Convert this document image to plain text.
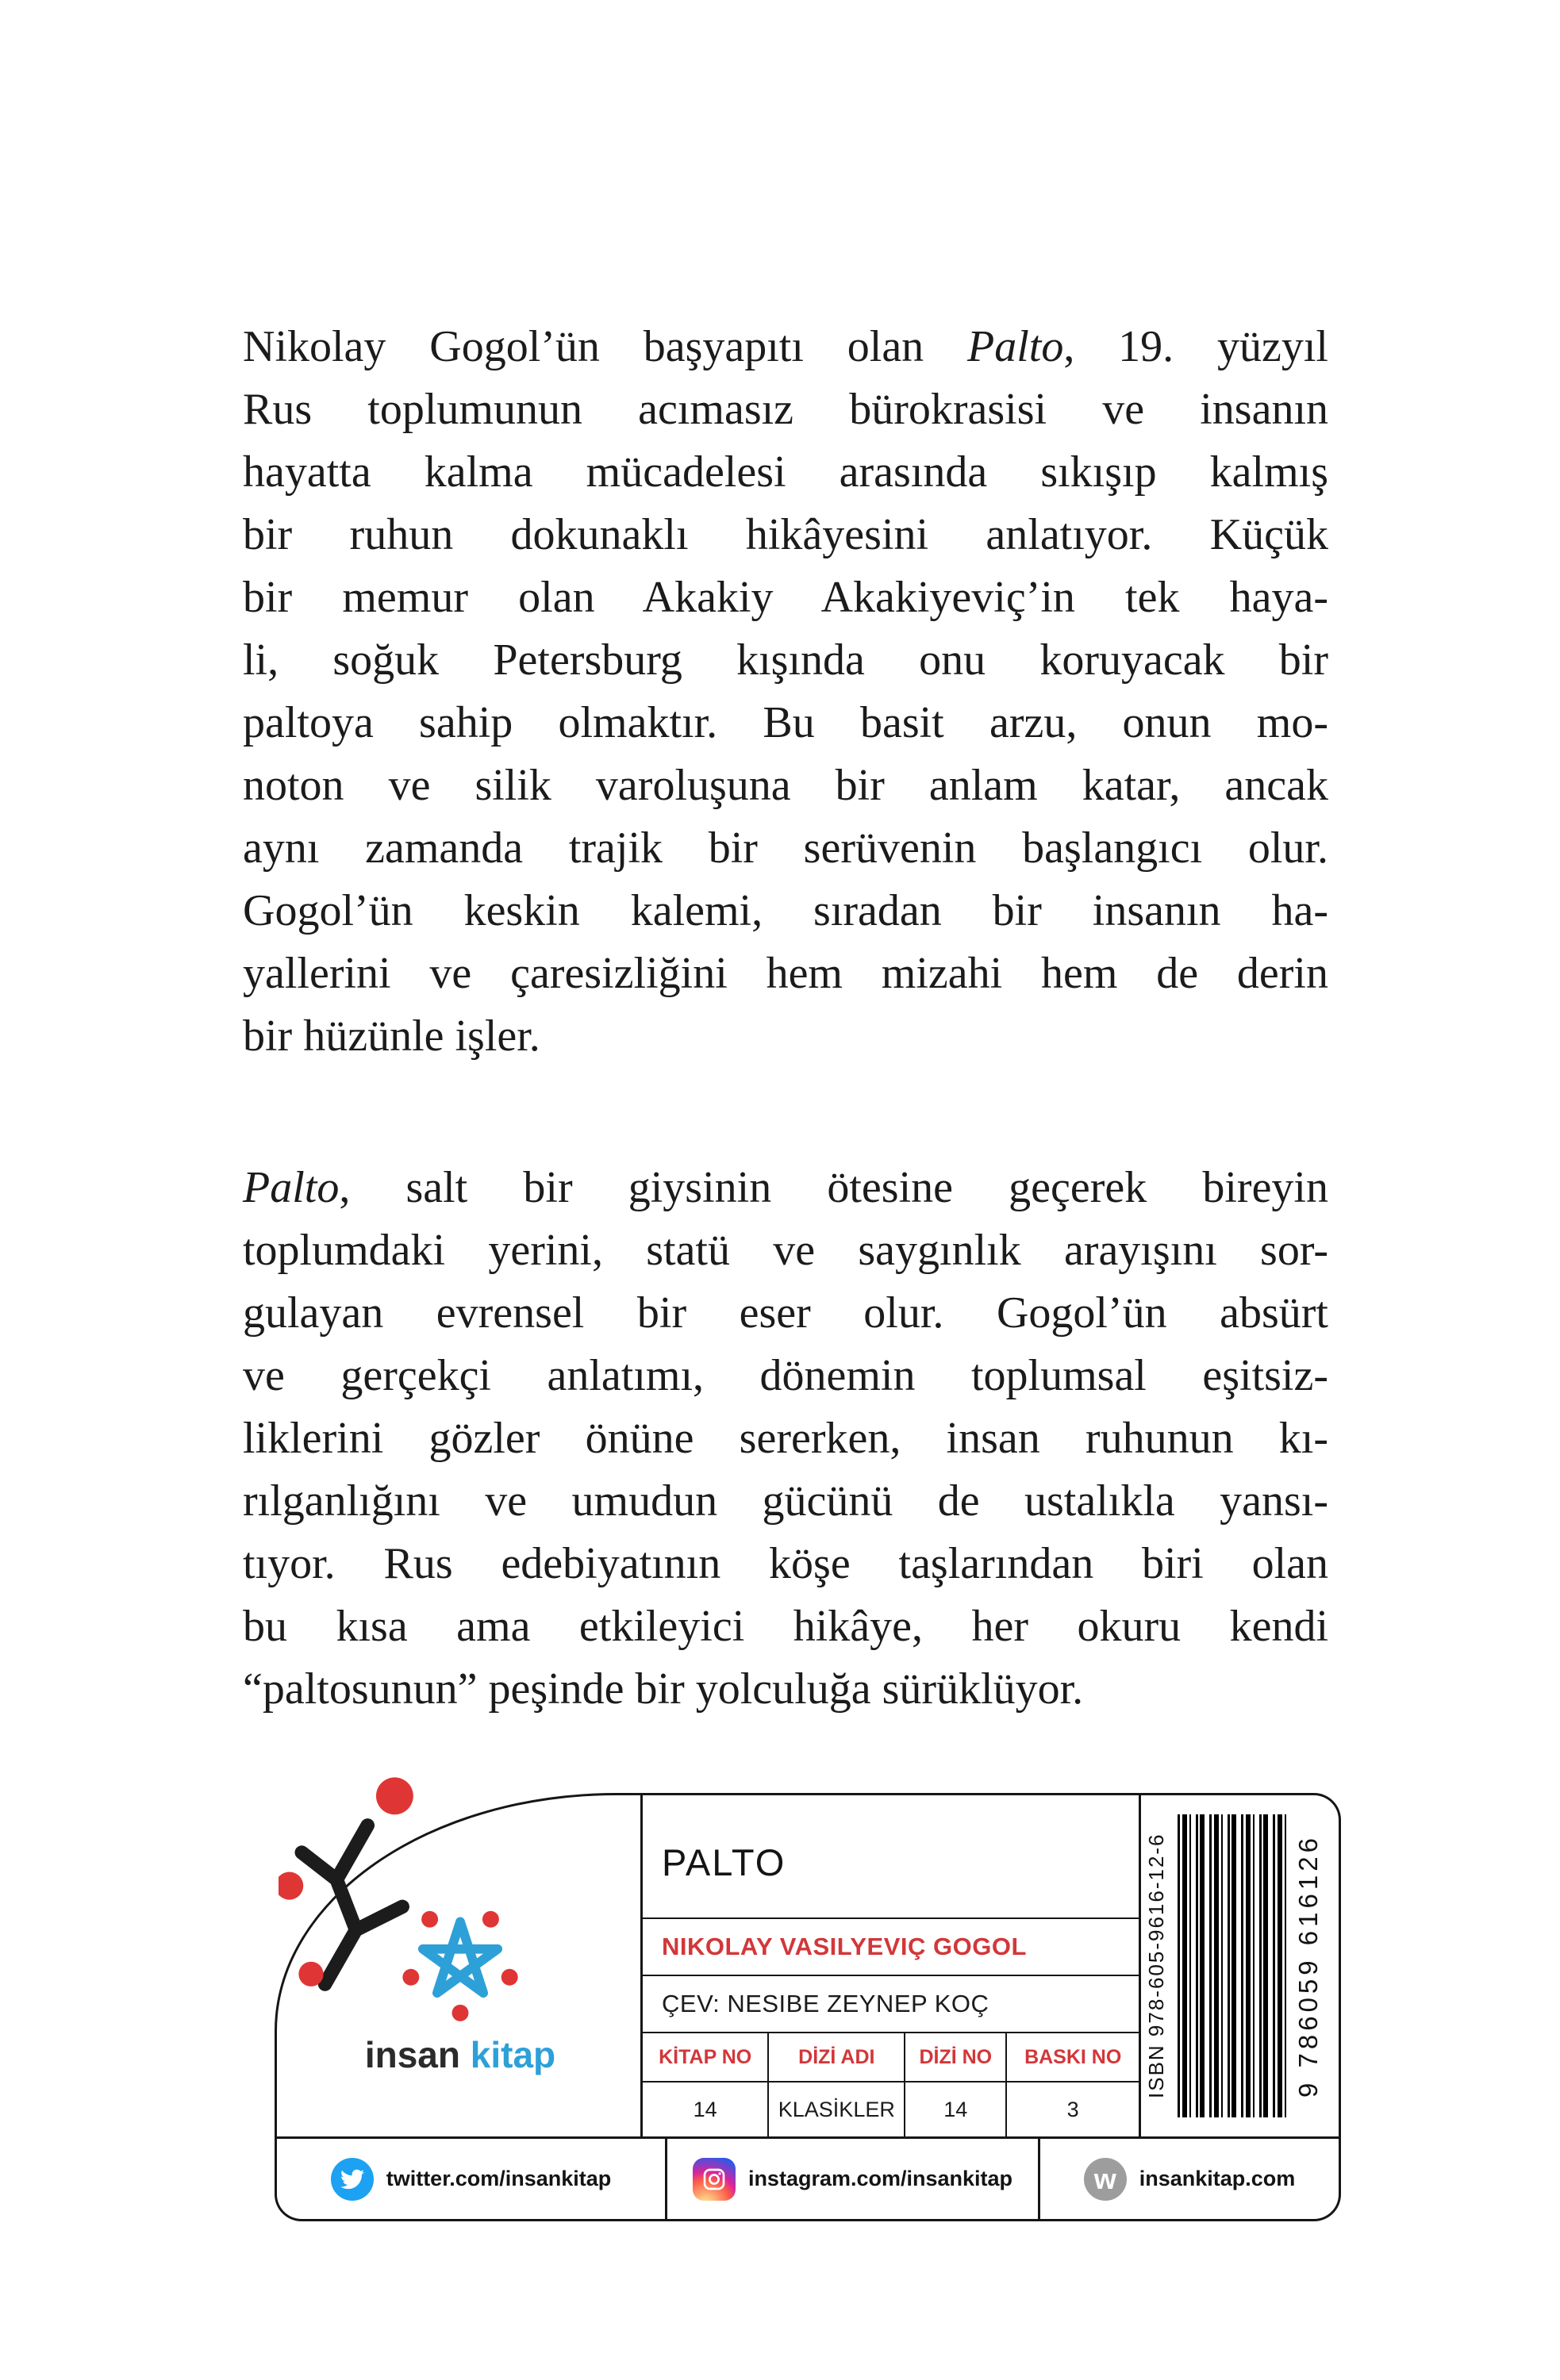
Nikolay Gogol’ün başyapıtı olan Palto, 19. yüzyıl
Rus toplumunun acımasız bürokrasisi ve insanın
hayatta kalma mücadelesi arasında sıkışıp kalmış
bir ruhun dokunaklı hikâyesini anlatıyor. Küçük
bir memur olan Akakiy Akakiyeviç’in tek haya-
li, soğuk Petersburg kışında onu koruyacak bir
paltoya sahip olmaktır. Bu basit arzu, onun mo-
noton ve silik varoluşuna bir anlam katar, ancak
aynı zamanda trajik bir serüvenin başlangıcı olur.
Gogol’ün keskin kalemi, sıradan bir insanın ha-
yallerini ve çaresizliğini hem mizahi hem de derin
bir hüzünle işler.
Palto, salt bir giysinin ötesine geçerek bireyin
toplumdaki yerini, statü ve saygınlık arayışını sor-
gulayan evrensel bir eser olur. Gogol’ün absürt
ve gerçekçi anlatımı, dönemin toplumsal eşitsiz-
liklerini gözler önüne sererken, insan ruhunun kı-
rılganlığını ve umudun gücünü de ustalıkla yansı-
tıyor. Rus edebiyatının köşe taşlarından biri olan
bu kısa ama etkileyici hikâye, her okuru kendi
“paltosunun” peşinde bir yolculuğa sürüklüyor.
insan kitap
PALTO
NIKOLAY VASILYEVIÇ GOGOL
ÇEV: NESIBE ZEYNEP KOÇ
KİTAP NO	DİZİ ADI	DİZİ NO	BASKI NO
14	KLASİKLER	14	3
ISBN 978-605-9616-12-6	9 786059 616126
twitter.com/insankitap	instagram.com/insankitap	w	insankitap.com
